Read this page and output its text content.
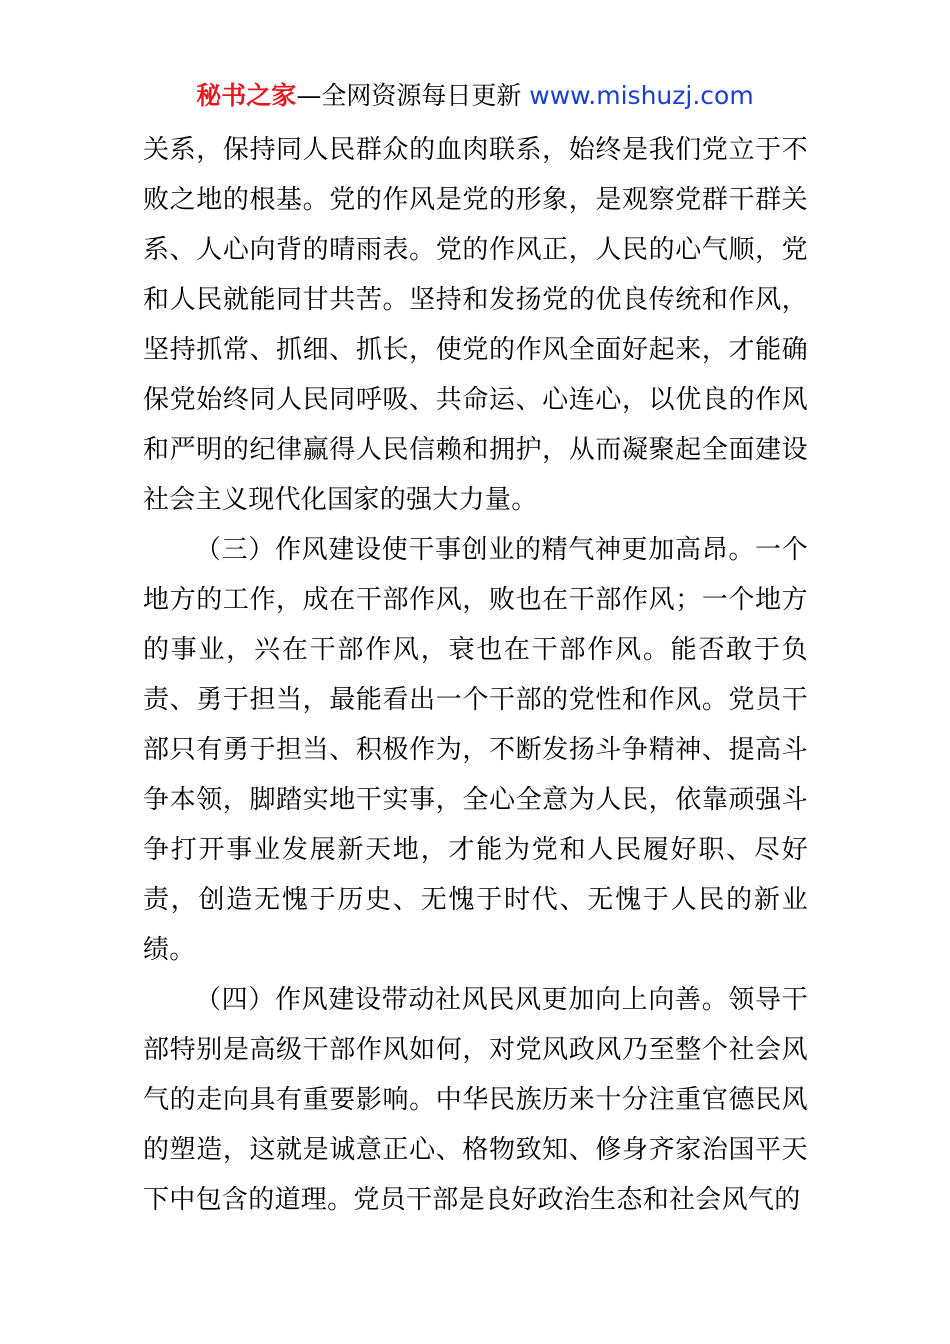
秘书之家—全网资源每日更新 www.mishuzj.com

关系，保持同人民群众的血肉联系，始终是我们党立于不败之地的根基。党的作风是党的形象，是观察党群干群关系、人心向背的晴雨表。党的作风正，人民的心气顺，党和人民就能同甘共苦。坚持和发扬党的优良传统和作风，坚持抓常、抓细、抓长，使党的作风全面好起来，才能确保党始终同人民同呼吸、共命运、心连心，以优良的作风和严明的纪律赢得人民信赖和拥护，从而凝聚起全面建设社会主义现代化国家的强大力量。

（三）作风建设使干事创业的精气神更加高昂。一个地方的工作，成在干部作风，败也在干部作风；一个地方的事业，兴在干部作风，衰也在干部作风。能否敢于负责、勇于担当，最能看出一个干部的党性和作风。党员干部只有勇于担当、积极作为，不断发扬斗争精神、提高斗争本领，脚踏实地干实事，全心全意为人民，依靠顽强斗争打开事业发展新天地，才能为党和人民履好职、尽好责，创造无愧于历史、无愧于时代、无愧于人民的新业绩。

（四）作风建设带动社风民风更加向上向善。领导干部特别是高级干部作风如何，对党风政风乃至整个社会风气的走向具有重要影响。中华民族历来十分注重官德民风的塑造，这就是诚意正心、格物致知、修身齐家治国平天下中包含的道理。党员干部是良好政治生态和社会风气的
